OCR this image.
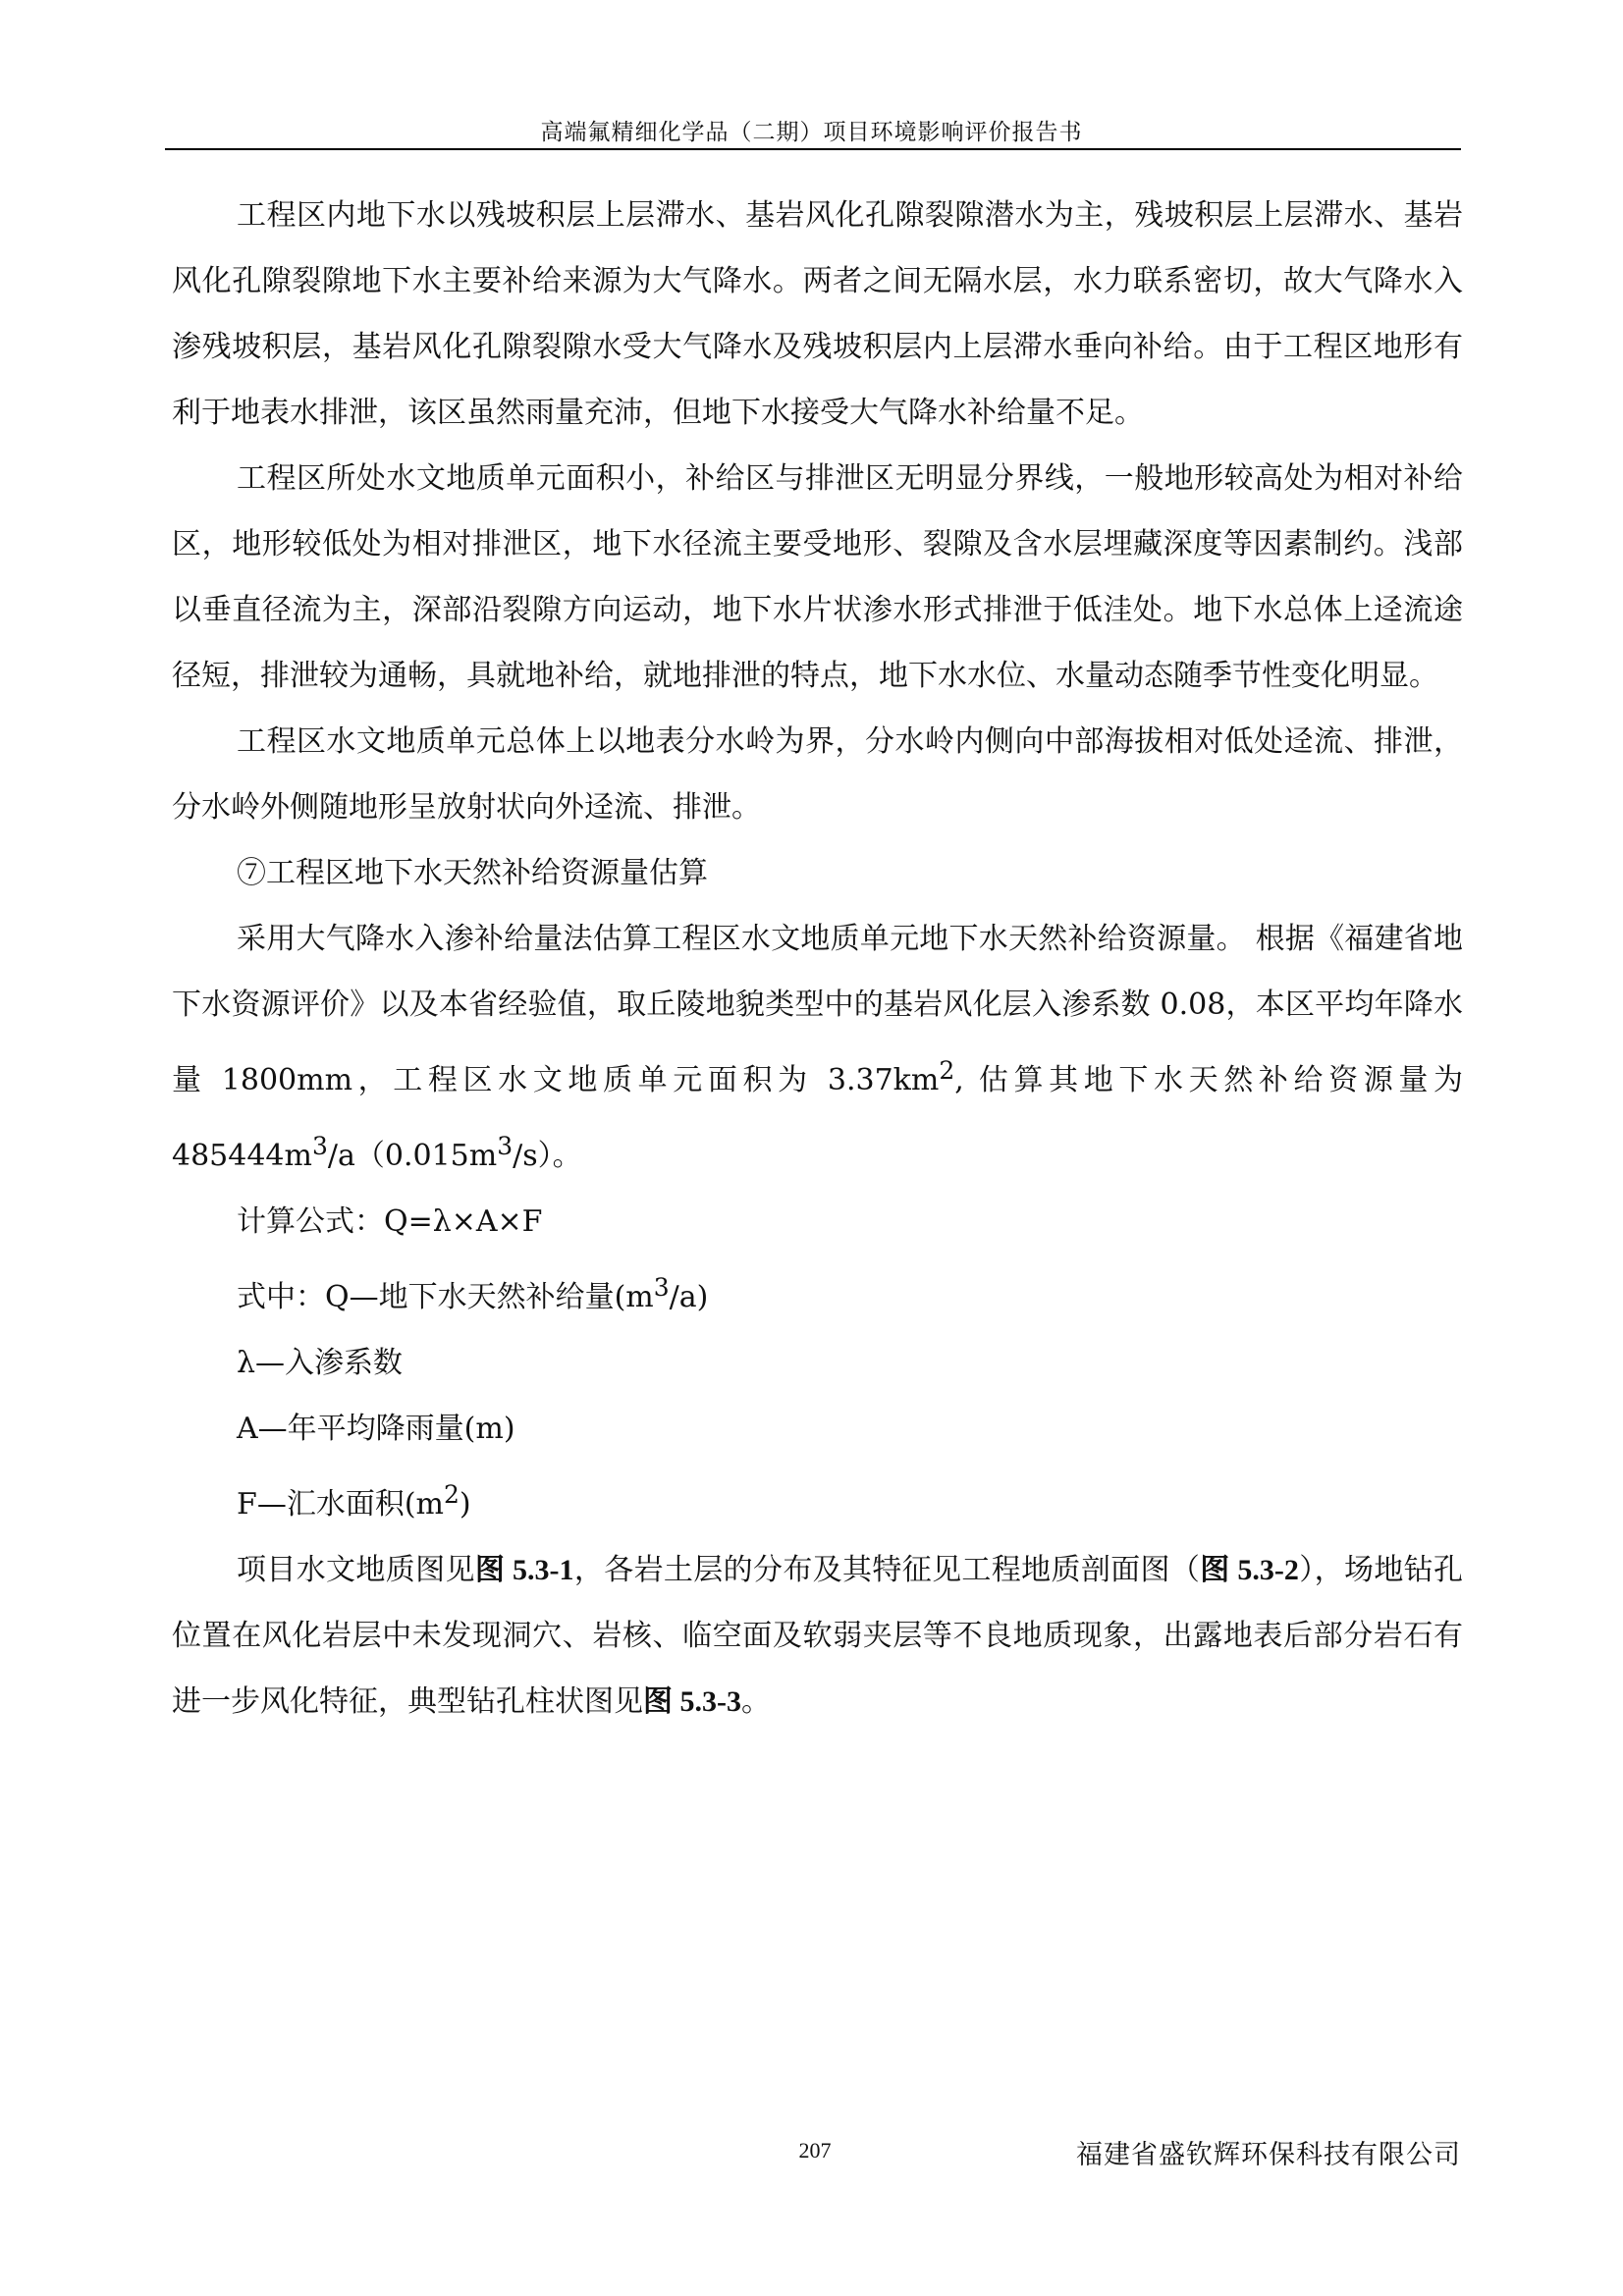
高端氟精细化学品（二期）项目环境影响评价报告书

工程区内地下水以残坡积层上层滞水、基岩风化孔隙裂隙潜水为主，残坡积层上层滞水、基岩风化孔隙裂隙地下水主要补给来源为大气降水。两者之间无隔水层，水力联系密切，故大气降水入渗残坡积层，基岩风化孔隙裂隙水受大气降水及残坡积层内上层滞水垂向补给。由于工程区地形有利于地表水排泄，该区虽然雨量充沛，但地下水接受大气降水补给量不足。

工程区所处水文地质单元面积小，补给区与排泄区无明显分界线，一般地形较高处为相对补给区，地形较低处为相对排泄区，地下水径流主要受地形、裂隙及含水层埋藏深度等因素制约。浅部以垂直径流为主，深部沿裂隙方向运动，地下水片状渗水形式排泄于低洼处。地下水总体上迳流途径短，排泄较为通畅，具就地补给，就地排泄的特点，地下水水位、水量动态随季节性变化明显。

工程区水文地质单元总体上以地表分水岭为界，分水岭内侧向中部海拔相对低处迳流、排泄，分水岭外侧随地形呈放射状向外迳流、排泄。

⑦工程区地下水天然补给资源量估算

采用大气降水入渗补给量法估算工程区水文地质单元地下水天然补给资源量。 根据《福建省地下水资源评价》以及本省经验值，取丘陵地貌类型中的基岩风化层入渗系数 0.08，本区平均年降水量 1800mm，工程区水文地质单元面积为 $3.37km^2$, 估算其地下水天然补给资源量为 $485444m^3/a(0.015m^3/s)$。

计算公式：Q=λ×A×F

式中：Q—地下水天然补给量$(m^3/a)$

λ—入渗系数

A—年平均降雨量(m)

F—汇水面积$(m^2)$

项目水文地质图见图 5.3-1，各岩土层的分布及其特征见工程地质剖面图（图 5.3-2），场地钻孔位置在风化岩层中未发现洞穴、岩核、临空面及软弱夹层等不良地质现象，出露地表后部分岩石有进一步风化特征，典型钻孔柱状图见图 5.3-3。

207	福建省盛钦辉环保科技有限公司
